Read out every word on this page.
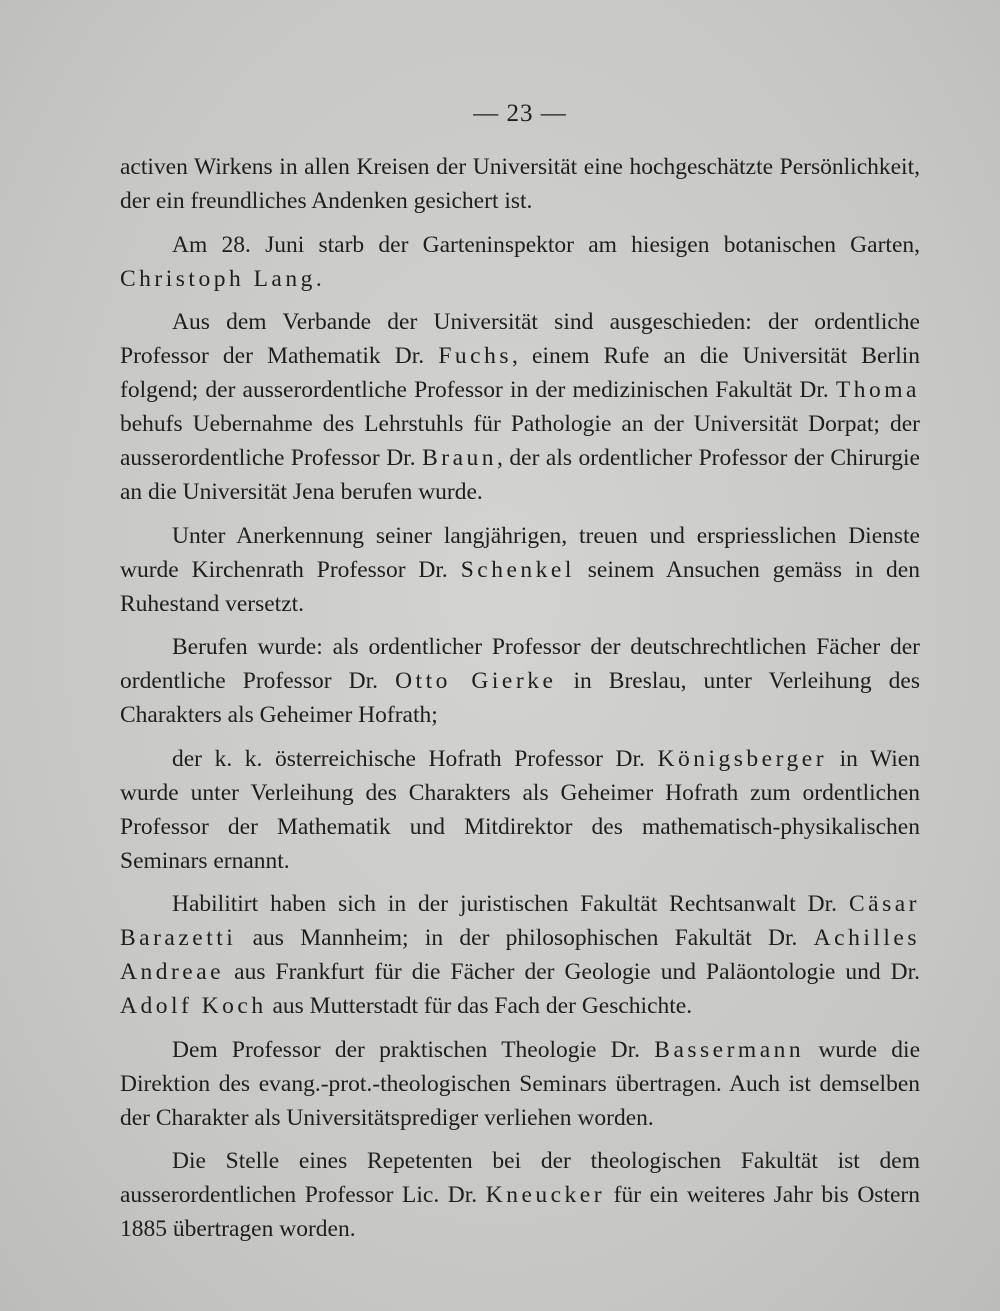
— 23 —

activen Wirkens in allen Kreisen der Universität eine hochgeschätzte Persönlichkeit, der ein freundliches Andenken gesichert ist.

Am 28. Juni starb der Garteninspektor am hiesigen botanischen Garten, Christoph Lang.

Aus dem Verbande der Universität sind ausgeschieden: der ordentliche Professor der Mathematik Dr. Fuchs, einem Rufe an die Universität Berlin folgend; der ausserordentliche Professor in der medizinischen Fakultät Dr. Thoma behufs Uebernahme des Lehrstuhls für Pathologie an der Universität Dorpat; der ausserordentliche Professor Dr. Braun, der als ordentlicher Professor der Chirurgie an die Universität Jena berufen wurde.

Unter Anerkennung seiner langjährigen, treuen und erspriesslichen Dienste wurde Kirchenrath Professor Dr. Schenkel seinem Ansuchen gemäss in den Ruhestand versetzt.

Berufen wurde: als ordentlicher Professor der deutschrechtlichen Fächer der ordentliche Professor Dr. Otto Gierke in Breslau, unter Verleihung des Charakters als Geheimer Hofrath;

der k. k. österreichische Hofrath Professor Dr. Königsberger in Wien wurde unter Verleihung des Charakters als Geheimer Hofrath zum ordentlichen Professor der Mathematik und Mitdirektor des mathematisch-physikalischen Seminars ernannt.

Habilitirt haben sich in der juristischen Fakultät Rechtsanwalt Dr. Cäsar Barazetti aus Mannheim; in der philosophischen Fakultät Dr. Achilles Andreae aus Frankfurt für die Fächer der Geologie und Paläontologie und Dr. Adolf Koch aus Mutterstadt für das Fach der Geschichte.

Dem Professor der praktischen Theologie Dr. Bassermann wurde die Direktion des evang.-prot.-theologischen Seminars übertragen. Auch ist demselben der Charakter als Universitätsprediger verliehen worden.

Die Stelle eines Repetenten bei der theologischen Fakultät ist dem ausserordentlichen Professor Lic. Dr. Kneucker für ein weiteres Jahr bis Ostern 1885 übertragen worden.
